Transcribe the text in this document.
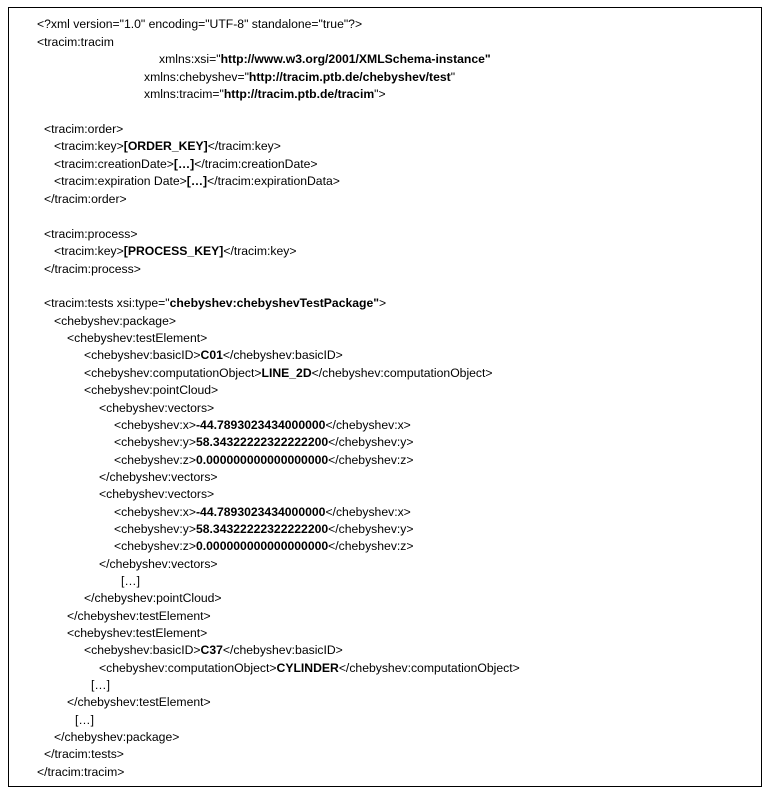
<?xml version="1.0" encoding="UTF-8" standalone="true"?>
<tracim:tracim
xmlns:xsi="http://www.w3.org/2001/XMLSchema-instance"
xmlns:chebyshev="http://tracim.ptb.de/chebyshev/test"
xmlns:tracim="http://tracim.ptb.de/tracim">
<tracim:order>
<tracim:key>[ORDER_KEY]</tracim:key>
<tracim:creationDate>[…]</tracim:creationDate>
<tracim:expiration Date>[…]</tracim:expirationData>
</tracim:order>
<tracim:process>
<tracim:key>[PROCESS_KEY]</tracim:key>
</tracim:process>
<tracim:tests xsi:type="chebyshev:chebyshevTestPackage">
<chebyshev:package>
<chebyshev:testElement>
<chebyshev:basicID>C01</chebyshev:basicID>
<chebyshev:computationObject>LINE_2D</chebyshev:computationObject>
<chebyshev:pointCloud>
<chebyshev:vectors>
<chebyshev:x>-44.7893023434000000</chebyshev:x>
<chebyshev:y>58.34322222322222200</chebyshev:y>
<chebyshev:z>0.000000000000000000</chebyshev:z>
</chebyshev:vectors>
<chebyshev:vectors>
<chebyshev:x>-44.7893023434000000</chebyshev:x>
<chebyshev:y>58.34322222322222200</chebyshev:y>
<chebyshev:z>0.000000000000000000</chebyshev:z>
</chebyshev:vectors>
[…]
</chebyshev:pointCloud>
</chebyshev:testElement>
<chebyshev:testElement>
<chebyshev:basicID>C37</chebyshev:basicID>
<chebyshev:computationObject>CYLINDER</chebyshev:computationObject>
[…]
</chebyshev:testElement>
[…]
</chebyshev:package>
</tracim:tests>
</tracim:tracim>
